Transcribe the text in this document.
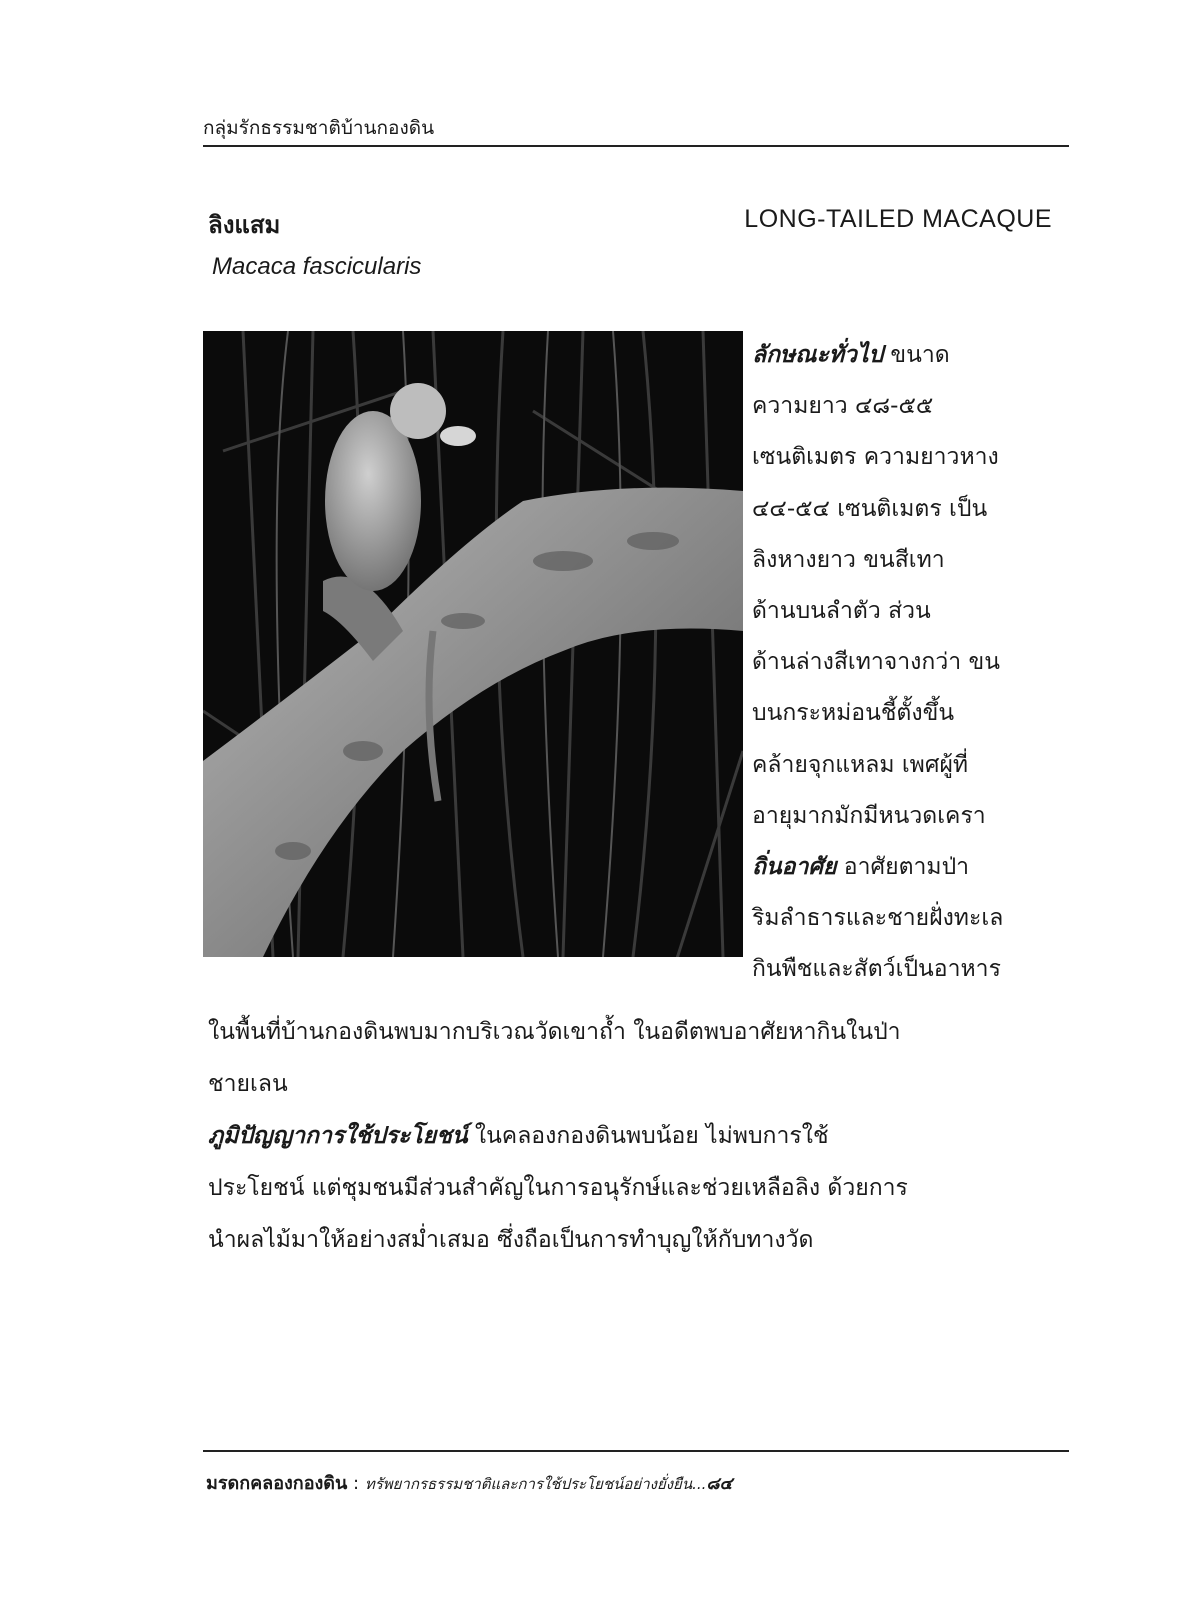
กลุ่มรักธรรมชาติบ้านกองดิน
ลิงแสม	LONG-TAILED MACAQUE
Macaca fascicularis
ลักษณะทั่วไป ขนาด
ความยาว ๔๘-๕๕
เซนติเมตร ความยาวหาง
๔๔-๕๔ เซนติเมตร เป็น
ลิงหางยาว ขนสีเทา
ด้านบนลำตัว ส่วน
ด้านล่างสีเทาจางกว่า ขน
บนกระหม่อนชี้ตั้งขึ้น
คล้ายจุกแหลม เพศผู้ที่
อายุมากมักมีหนวดเครา
ถิ่นอาศัย อาศัยตามป่า
ริมลำธารและชายฝั่งทะเล
กินพืชและสัตว์เป็นอาหาร
ในพื้นที่บ้านกองดินพบมากบริเวณวัดเขาถ้ำ ในอดีตพบอาศัยหากินในป่า
ชายเลน
ภูมิปัญญาการใช้ประโยชน์ ในคลองกองดินพบน้อย ไม่พบการใช้
ประโยชน์ แต่ชุมชนมีส่วนสำคัญในการอนุรักษ์และช่วยเหลือลิง ด้วยการ
นำผลไม้มาให้อย่างสม่ำเสมอ ซึ่งถือเป็นการทำบุญให้กับทางวัด
มรดกคลองกองดิน : ทรัพยากรธรรมชาติและการใช้ประโยชน์อย่างยั่งยืน...๘๔
